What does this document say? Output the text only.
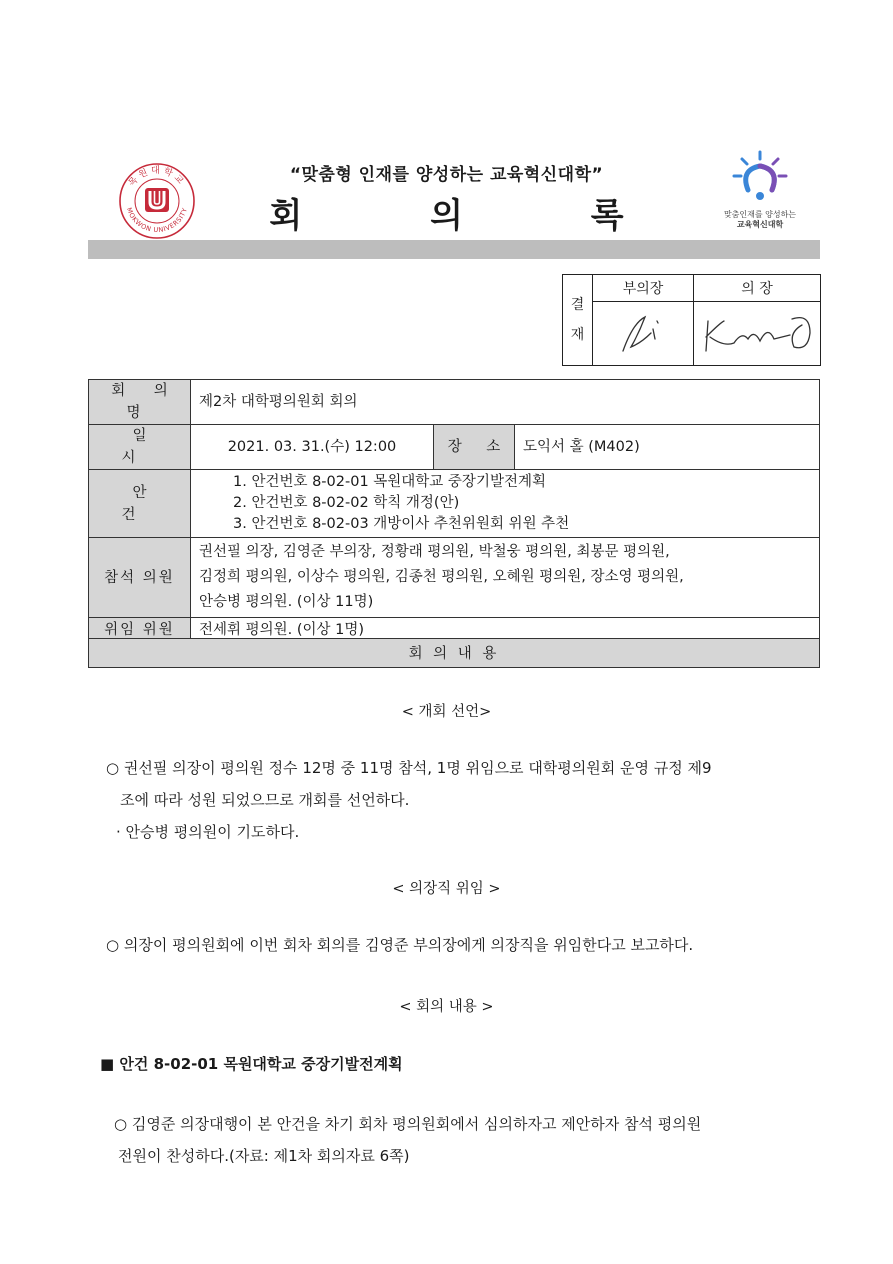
“맞춤형 인재를 양성하는 교육혁신대학”
회 의 록
목원대학교
MOKWON UNIVERSITY	맞춤인재를 양성하는
교육혁신대학
결
재	부의장	의 장

회 의 명	제2차 대학평의원회 회의		
일 시	2021. 03. 31.(수) 12:00	장 소	도익서 홀 (M402)
안 건	1. 안건번호 8-02-01 목원대학교 중장기발전계획
2. 안건번호 8-02-02 학칙 개정(안)
3. 안건번호 8-02-03 개방이사 추천위원회 위원 추천		

참석 의원	권선필 의장, 김영준 부의장, 정황래 평의원, 박철웅 평의원, 최봉문 평의원,
김정희 평의원, 이상수 평의원, 김종천 평의원, 오혜원 평의원, 장소영 평의원,
안승병 평의원. (이상 11명)		

위임 위원	전세휘 평의원. (이상 1명)		

회 의 내 용
< 개회 선언>
○ 권선필 의장이 평의원 정수 12명 중 11명 참석, 1명 위임으로 대학평의원회 운영 규정 제9
조에 따라 성원 되었으므로 개회를 선언하다.
· 안승병 평의원이 기도하다.
< 의장직 위임 >
○ 의장이 평의원회에 이번 회차 회의를 김영준 부의장에게 의장직을 위임한다고 보고하다.
< 회의 내용 >
■ 안건 8-02-01 목원대학교 중장기발전계획
○ 김영준 의장대행이 본 안건을 차기 회차 평의원회에서 심의하자고 제안하자 참석 평의원
전원이 찬성하다.(자료: 제1차 회의자료 6쪽)
